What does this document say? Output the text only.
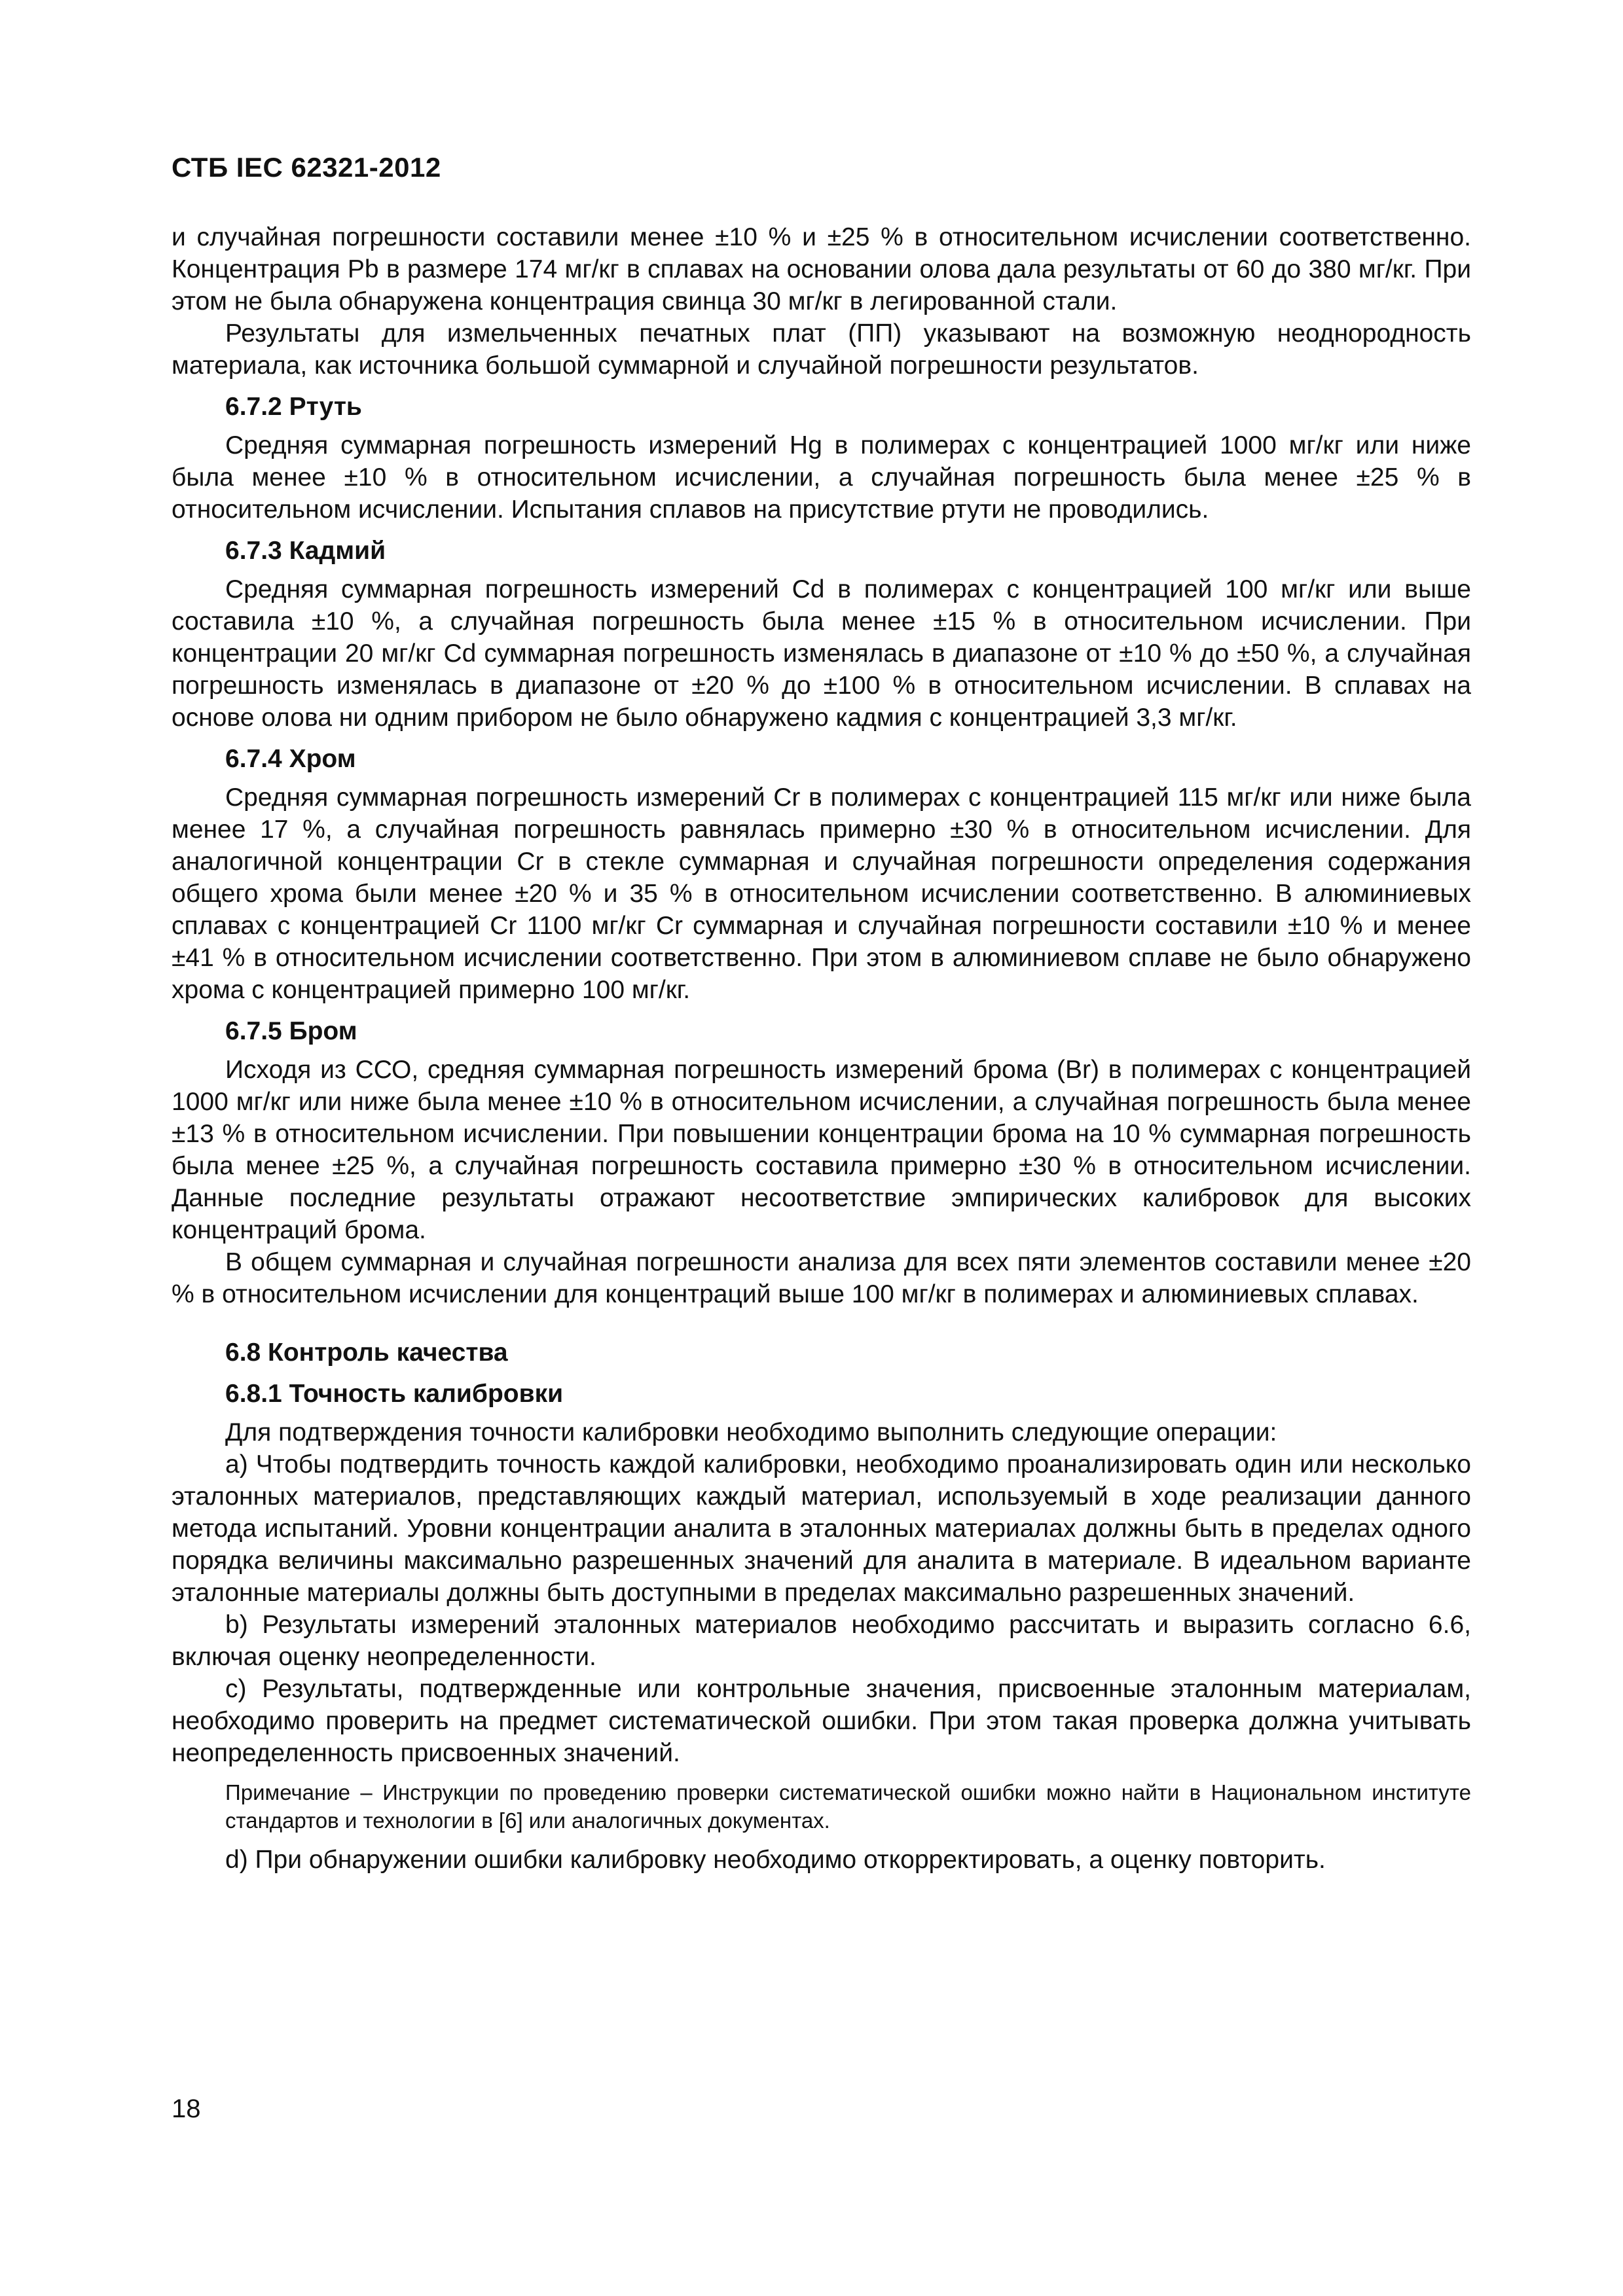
СТБ IEC 62321-2012

и случайная погрешности составили менее ±10 % и ±25 % в относительном исчислении соответственно. Концентрация Pb в размере 174 мг/кг в сплавах на основании олова дала результаты от 60 до 380 мг/кг. При этом не была обнаружена концентрация свинца 30 мг/кг в легированной стали.

Результаты для измельченных печатных плат (ПП) указывают на возможную неоднородность материала, как источника большой суммарной и случайной погрешности результатов.

6.7.2 Ртуть

Средняя суммарная погрешность измерений Hg в полимерах с концентрацией 1000 мг/кг или ниже была менее ±10 % в относительном исчислении, а случайная погрешность была менее ±25 % в относительном исчислении. Испытания сплавов на присутствие ртути не проводились.

6.7.3 Кадмий

Средняя суммарная погрешность измерений Cd в полимерах с концентрацией 100 мг/кг или выше составила ±10 %, а случайная погрешность была менее ±15 % в относительном исчислении. При концентрации 20 мг/кг Cd суммарная погрешность изменялась в диапазоне от ±10 % до ±50 %, а случайная погрешность изменялась в диапазоне от ±20 % до ±100 % в относительном исчислении. В сплавах на основе олова ни одним прибором не было обнаружено кадмия с концентрацией 3,3 мг/кг.

6.7.4 Хром

Средняя суммарная погрешность измерений Cr в полимерах с концентрацией 115 мг/кг или ниже была менее 17 %, а случайная погрешность равнялась примерно ±30 % в относительном исчислении. Для аналогичной концентрации Cr в стекле суммарная и случайная погрешности определения содержания общего хрома были менее ±20 % и 35 % в относительном исчислении соответственно. В алюминиевых сплавах с концентрацией Cr 1100 мг/кг Cr суммарная и случайная погрешности составили ±10 % и менее ±41 % в относительном исчислении соответственно. При этом в алюминиевом сплаве не было обнаружено хрома с концентрацией примерно 100 мг/кг.

6.7.5 Бром

Исходя из ССО, средняя суммарная погрешность измерений брома (Br) в полимерах с концентрацией 1000 мг/кг или ниже была менее ±10 % в относительном исчислении, а случайная погрешность была менее ±13 % в относительном исчислении. При повышении концентрации брома на 10 % суммарная погрешность была менее ±25 %, а случайная погрешность составила примерно ±30 % в относительном исчислении. Данные последние результаты отражают несоответствие эмпирических калибровок для высоких концентраций брома.

В общем суммарная и случайная погрешности анализа для всех пяти элементов составили менее ±20 % в относительном исчислении для концентраций выше 100 мг/кг в полимерах и алюминиевых сплавах.

6.8 Контроль качества
6.8.1 Точность калибровки

Для подтверждения точности калибровки необходимо выполнить следующие операции:

а) Чтобы подтвердить точность каждой калибровки, необходимо проанализировать один или несколько эталонных материалов, представляющих каждый материал, используемый в ходе реализации данного метода испытаний. Уровни концентрации аналита в эталонных материалах должны быть в пределах одного порядка величины максимально разрешенных значений для аналита в материале. В идеальном варианте эталонные материалы должны быть доступными в пределах максимально разрешенных значений.

b) Результаты измерений эталонных материалов необходимо рассчитать и выразить согласно 6.6, включая оценку неопределенности.

с) Результаты, подтвержденные или контрольные значения, присвоенные эталонным материалам, необходимо проверить на предмет систематической ошибки. При этом такая проверка должна учитывать неопределенность присвоенных значений.

Примечание – Инструкции по проведению проверки систематической ошибки можно найти в Национальном институте стандартов и технологии в [6] или аналогичных документах.

d) При обнаружении ошибки калибровку необходимо откорректировать, а оценку повторить.

18
